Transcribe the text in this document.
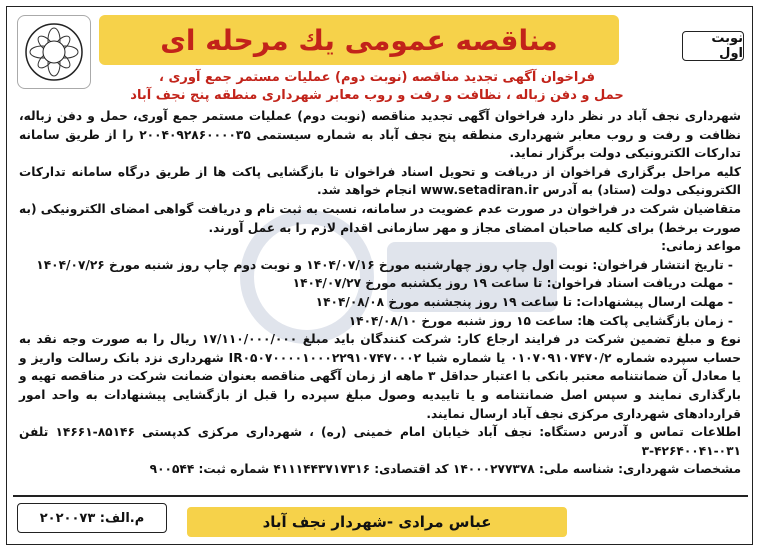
مناقصه عمومی يك مرحله ای	نوبت اول
فراخوان آگهی تجدید مناقصه (نوبت دوم) عملیات مستمر جمع آوری ،
حمل و دفن زباله ، نظافت و رفت و روب معابر شهرداری منطقه پنج نجف آباد

شهرداری نجف آباد در نظر دارد فراخوان آگهی تجدید مناقصه (نوبت دوم) عملیات مستمر جمع آوری، حمل و دفن زباله، نظافت و رفت و روب معابر شهرداری منطقه پنج نجف آباد به شماره سیستمی ۲۰۰۴۰۹۲۸۶۰۰۰۰۳۵ را از طریق سامانه تدارکات الکترونیکی دولت برگزار نماید.

کلیه مراحل برگزاری فراخوان از دریافت و تحویل اسناد فراخوان تا بازگشایی پاکت ها از طریق درگاه سامانه تدارکات الکترونیکی دولت (ستاد) به آدرس www.setadiran.ir انجام خواهد شد.

متقاضیان شرکت در فراخوان در صورت عدم عضویت در سامانه، نسبت به ثبت نام و دریافت گواهی امضای الکترونیکی (به صورت برخط) برای کلیه صاحبان امضای مجاز و مهر سازمانی اقدام لازم را به عمل آورند.

مواعد زمانی:

- تاریخ انتشار فراخوان: نوبت اول چاپ روز چهارشنبه مورخ ۱۴۰۴/۰۷/۱۶ و نوبت دوم چاپ روز شنبه مورخ ۱۴۰۴/۰۷/۲۶
- مهلت دریافت اسناد فراخوان: تا ساعت ۱۹ روز یکشنبه مورخ ۱۴۰۴/۰۷/۲۷
- مهلت ارسال پیشنهادات: تا ساعت ۱۹ روز پنجشنبه مورخ ۱۴۰۴/۰۸/۰۸
- زمان بازگشایی پاکت ها: ساعت ۱۵ روز شنبه مورخ ۱۴۰۴/۰۸/۱۰

نوع و مبلغ تضمین شرکت در فرایند ارجاع کار: شرکت کنندگان باید مبلغ ۱۷/۱۱۰/۰۰۰/۰۰۰ ریال را به صورت وجه نقد به حساب سپرده شماره ۰۱۰۷۰۹۱۰۷۴۷۰/۲ یا شماره شبا IR۰۵۰۷۰۰۰۰۱۰۰۰۲۲۹۱۰۷۴۷۰۰۰۲ شهرداری نزد بانک رسالت واریز و یا معادل آن ضمانتنامه معتبر بانکی با اعتبار حداقل ۳ ماهه از زمان آگهی مناقصه بعنوان ضمانت شرکت در مناقصه تهیه و بارگذاری نمایند و سپس اصل ضمانتنامه و یا تاییدیه وصول مبلغ سپرده را قبل از بازگشایی پیشنهادات به واحد امور قراردادهای شهرداری مرکزی نجف آباد ارسال نمایند.

اطلاعات تماس و آدرس دستگاه: نجف آباد خیابان امام خمینی (ره) ، شهرداری مرکزی کدپستی ۸۵۱۴۶-۱۴۶۶۱ تلفن ۰۳۱-۴۲۶۴۰۰۴۱-۳

مشخصات شهرداری: شناسه ملی: ۱۴۰۰۰۲۷۷۳۷۸ کد اقتصادی: ۴۱۱۱۴۴۳۷۱۷۳۱۶ شماره ثبت: ۹۰۰۵۴۴

عباس مرادی -شهردار نجف آباد
م.الف: ۲۰۲۰۰۷۳
